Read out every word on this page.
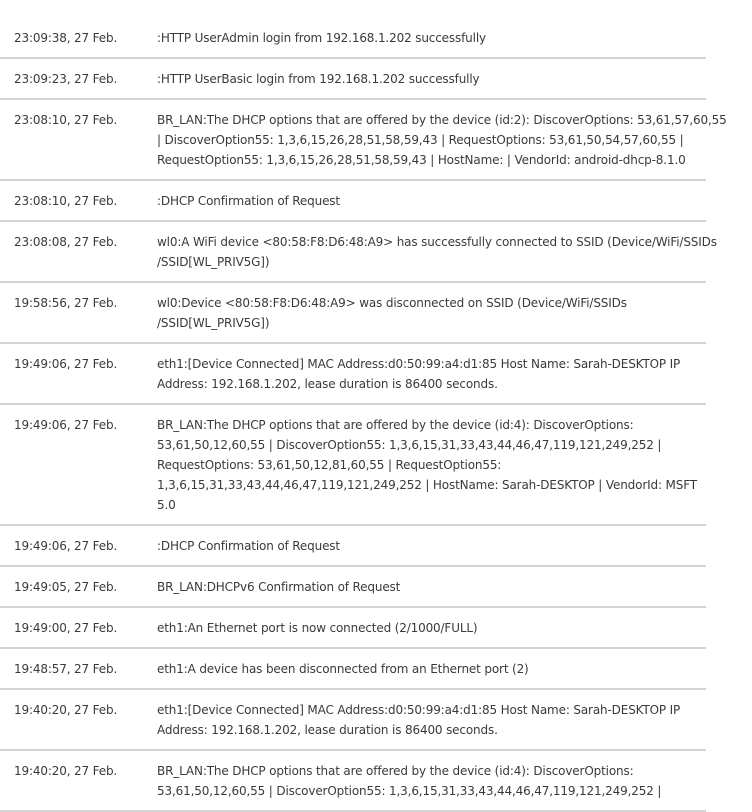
23:09:38, 27 Feb.	:HTTP UserAdmin login from 192.168.1.202 successfully
23:09:23, 27 Feb.	:HTTP UserBasic login from 192.168.1.202 successfully
23:08:10, 27 Feb.	BR_LAN:The DHCP options that are offered by the device (id:2): DiscoverOptions: 53,61,57,60,55
| DiscoverOption55: 1,3,6,15,26,28,51,58,59,43 | RequestOptions: 53,61,50,54,57,60,55 |
RequestOption55: 1,3,6,15,26,28,51,58,59,43 | HostName: | VendorId: android-dhcp-8.1.0
23:08:10, 27 Feb.	:DHCP Confirmation of Request
23:08:08, 27 Feb.	wl0:A WiFi device <80:58:F8:D6:48:A9> has successfully connected to SSID (Device/WiFi/SSIDs
/SSID[WL_PRIV5G])
19:58:56, 27 Feb.	wl0:Device <80:58:F8:D6:48:A9> was disconnected on SSID (Device/WiFi/SSIDs
/SSID[WL_PRIV5G])
19:49:06, 27 Feb.	eth1:[Device Connected] MAC Address:d0:50:99:a4:d1:85 Host Name: Sarah-DESKTOP IP
Address: 192.168.1.202, lease duration is 86400 seconds.
19:49:06, 27 Feb.	BR_LAN:The DHCP options that are offered by the device (id:4): DiscoverOptions:
53,61,50,12,60,55 | DiscoverOption55: 1,3,6,15,31,33,43,44,46,47,119,121,249,252 |
RequestOptions: 53,61,50,12,81,60,55 | RequestOption55:
1,3,6,15,31,33,43,44,46,47,119,121,249,252 | HostName: Sarah-DESKTOP | VendorId: MSFT
5.0
19:49:06, 27 Feb.	:DHCP Confirmation of Request
19:49:05, 27 Feb.	BR_LAN:DHCPv6 Confirmation of Request
19:49:00, 27 Feb.	eth1:An Ethernet port is now connected (2/1000/FULL)
19:48:57, 27 Feb.	eth1:A device has been disconnected from an Ethernet port (2)
19:40:20, 27 Feb.	eth1:[Device Connected] MAC Address:d0:50:99:a4:d1:85 Host Name: Sarah-DESKTOP IP
Address: 192.168.1.202, lease duration is 86400 seconds.
19:40:20, 27 Feb.	BR_LAN:The DHCP options that are offered by the device (id:4): DiscoverOptions:
53,61,50,12,60,55 | DiscoverOption55: 1,3,6,15,31,33,43,44,46,47,119,121,249,252 |
